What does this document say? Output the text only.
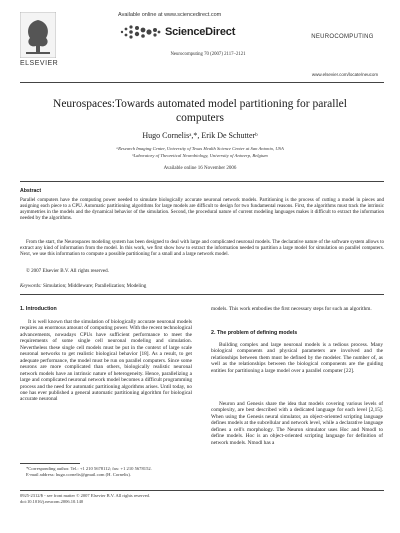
ELSEVIER
Available online at www.sciencedirect.com
ScienceDirect
Neurocomputing 70 (2007) 2117–2121
NEUROCOMPUTING
www.elsevier.com/locate/neucom
Neurospaces:Towards automated model partitioning for parallel computers
Hugo Cornelisᵃ,*, Erik De Schutterᵇ
ᵃResearch Imaging Center, University of Texas Health Science Center at San Antonio, USA
ᵇLaboratory of Theoretical Neurobiology, University of Antwerp, Belgium
Available online 16 November 2006
Abstract
Parallel computers have the computing power needed to simulate biologically accurate neuronal network models. Partitioning is the process of cutting a model in pieces and assigning each piece to a CPU. Automatic partitioning algorithms for large models are difficult to design for two fundamental reasons. First, the algorithms must track the intrinsic asymmetries in the models and the dynamical behavior of the simulation. Second, the procedural nature of current modeling languages makes it difficult to extract the information needed by the algorithms.
From the start, the Neurospaces modeling system has been designed to deal with large and complicated neuronal models. The declarative nature of the software system allows to extract any kind of information from the model. In this work, we first show how to extract the information needed to partition a large model for simulation on parallel computers. Next, we use this information to compute a possible partitioning for a small and a large network model.
© 2007 Elsevier B.V. All rights reserved.
Keywords: Simulation; Middleware; Parallelization; Modeling
1. Introduction
It is well known that the simulation of biologically accurate neuronal models requires an enormous amount of computing power. With the recent technological advancements, nowadays CPUs have sufficient performance to meet the requirements of some single cell neuronal modeling and simulation. Nevertheless these single cell models must be put in the context of large scale neuronal networks to get realistic biological behavior [18]. As a result, to get adequate performance, the model must be run on parallel computers. Since some neurons are more complicated than others, biologically realistic neuronal network models have an intrinsic nature of heterogeneity. Hence, parallelizing a large and complicated neuronal network model becomes a difficult programming process and the need for automatic partitioning algorithms arises. Until today, no one has ever published a general automatic partitioning algorithm for biological accurate neuronal
*Corresponding author. Tel.: +1 210 5678112; fax: +1 210 5678152.
E-mail address: hugo.cornelis@gmail.com (H. Cornelis).
models. This work embodies the first necessary steps for such an algorithm.
2. The problem of defining models
Building complex and large neuronal models is a tedious process. Many biological components and physical parameters are involved and the relationships between them must be defined by the modeler. The number of, as well as the relationships between the biological components are the guiding entities for partitioning a large model over a parallel computer [22].
Neuron and Genesis share the idea that models covering various levels of complexity, are best described with a dedicated language for each level [2,15]. When using the Genesis neural simulator, an object-oriented scripting language defines models at the subcellular and network level, while a declarative language defines a cell's morphology. The Neuron simulator uses Hoc and Nmodl to define models. Hoc is an object-oriented scripting language for definition of network models. Nmodl has a
0925-2312/$ - see front matter © 2007 Elsevier B.V. All rights reserved.
doi:10.1016/j.neucom.2006.10.140
